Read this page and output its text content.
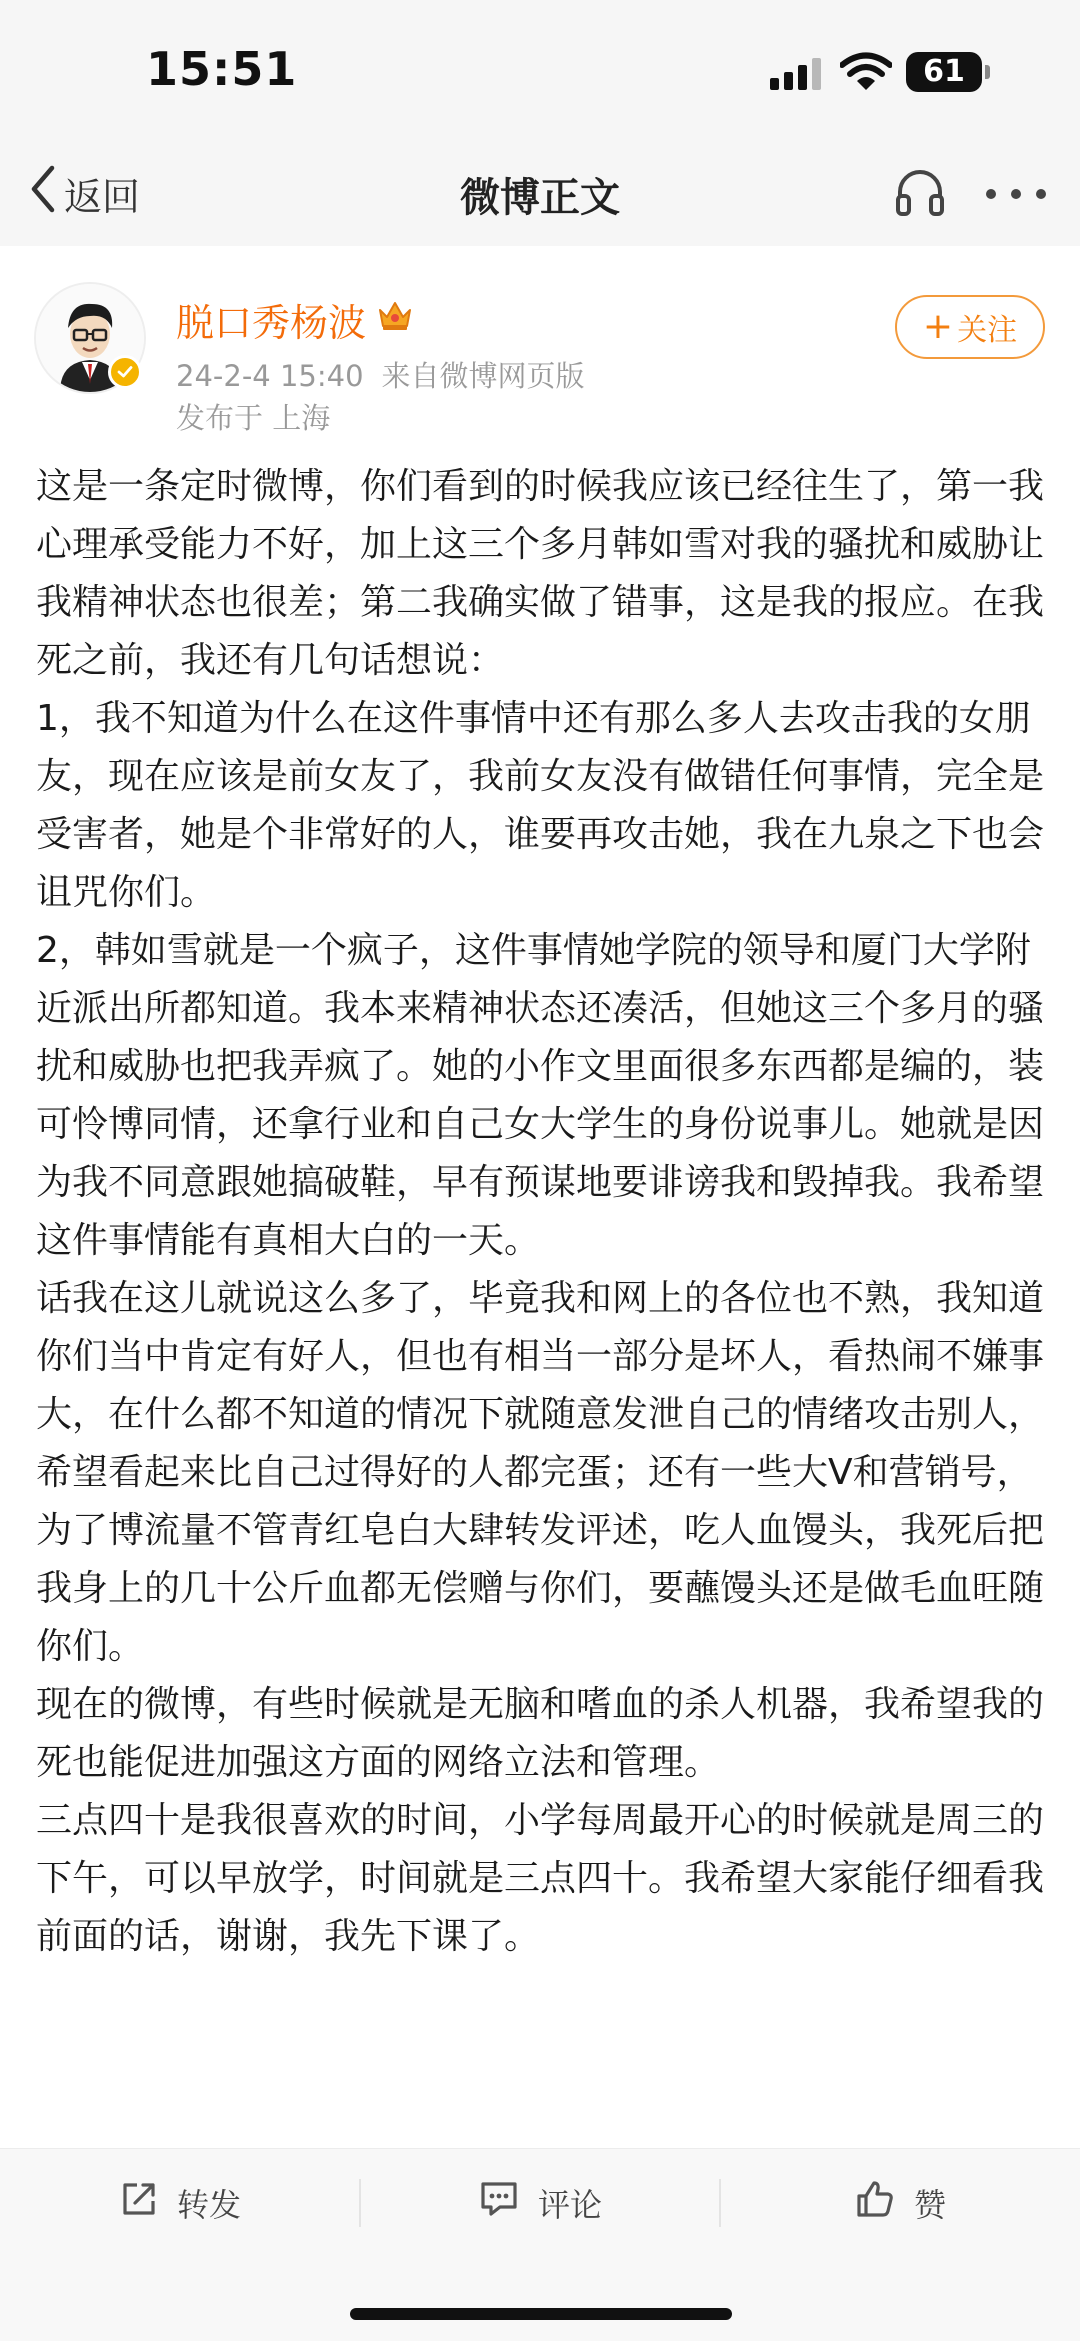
15:51	61
返回	微博正文
脱口秀杨波
24-2-4 15:40 来自微博网页版
发布于 上海
+ 关注

这是一条定时微博，你们看到的时候我应该已经往生了，第一我心理承受能力不好，加上这三个多月韩如雪对我的骚扰和威胁让我精神状态也很差；第二我确实做了错事，这是我的报应。在我死之前，我还有几句话想说：

1，我不知道为什么在这件事情中还有那么多人去攻击我的女朋友，现在应该是前女友了，我前女友没有做错任何事情，完全是受害者，她是个非常好的人，谁要再攻击她，我在九泉之下也会诅咒你们。

2，韩如雪就是一个疯子，这件事情她学院的领导和厦门大学附近派出所都知道。我本来精神状态还凑活，但她这三个多月的骚扰和威胁也把我弄疯了。她的小作文里面很多东西都是编的，装可怜博同情，还拿行业和自己女大学生的身份说事儿。她就是因为我不同意跟她搞破鞋，早有预谋地要诽谤我和毁掉我。我希望这件事情能有真相大白的一天。

话我在这儿就说这么多了，毕竟我和网上的各位也不熟，我知道你们当中肯定有好人，但也有相当一部分是坏人，看热闹不嫌事大，在什么都不知道的情况下就随意发泄自己的情绪攻击别人，希望看起来比自己过得好的人都完蛋；还有一些大V和营销号，为了博流量不管青红皂白大肆转发评述，吃人血馒头，我死后把我身上的几十公斤血都无偿赠与你们，要蘸馒头还是做毛血旺随你们。

现在的微博，有些时候就是无脑和嗜血的杀人机器，我希望我的死也能促进加强这方面的网络立法和管理。

三点四十是我很喜欢的时间，小学每周最开心的时候就是周三的下午，可以早放学，时间就是三点四十。我希望大家能仔细看我前面的话，谢谢，我先下课了。

转发	评论	赞
